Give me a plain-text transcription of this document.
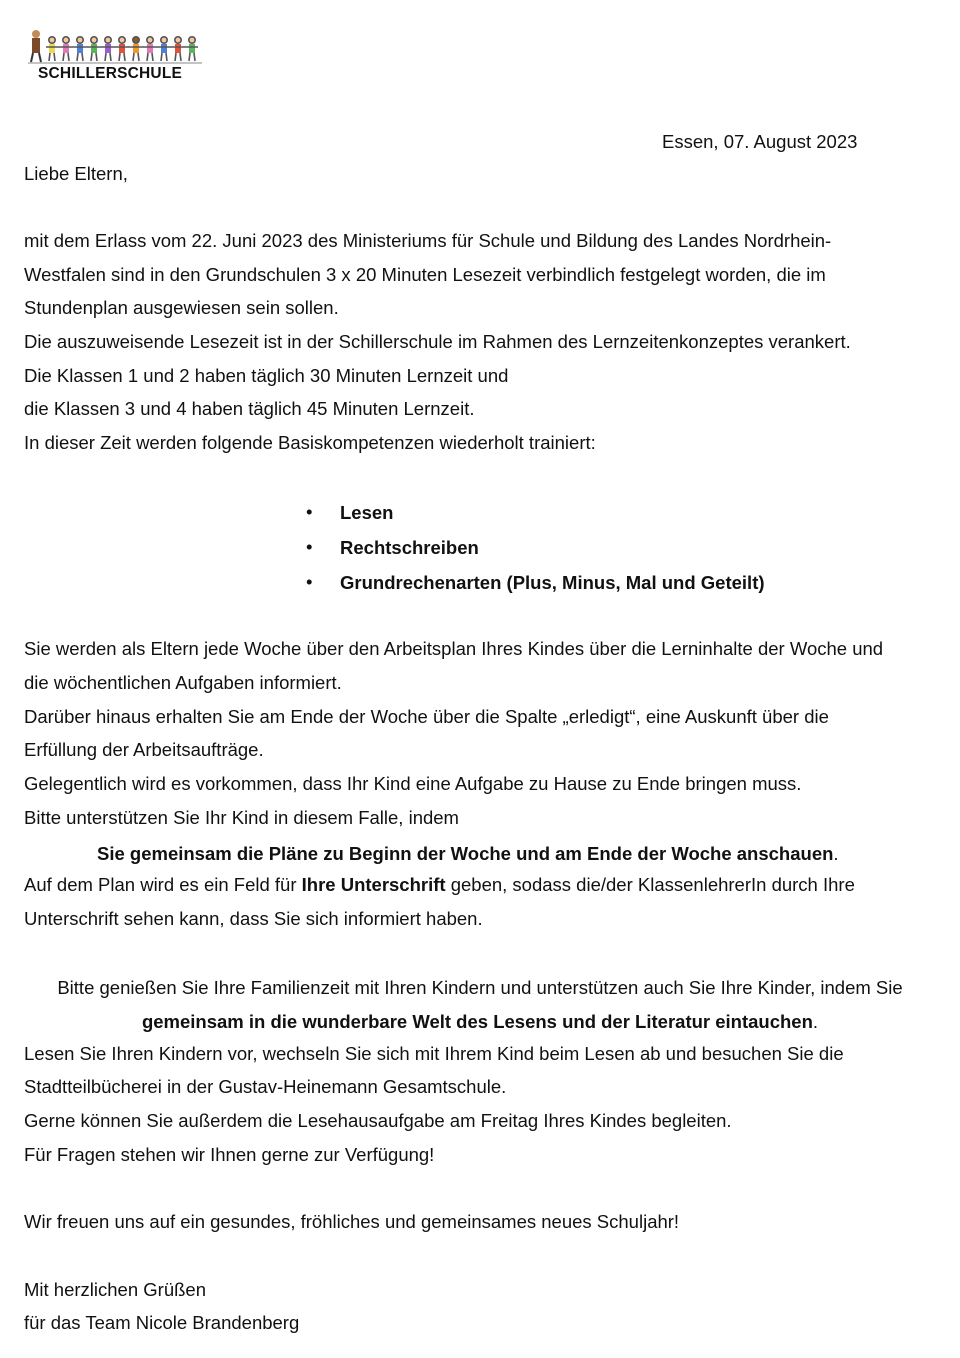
SCHILLERSCHULE
Essen, 07. August 2023
Liebe Eltern,
mit dem Erlass vom 22. Juni 2023 des Ministeriums für Schule und Bildung des Landes Nordrhein-
Westfalen sind in den Grundschulen 3 x 20 Minuten Lesezeit verbindlich festgelegt worden, die im
Stundenplan ausgewiesen sein sollen.
Die auszuweisende Lesezeit ist in der Schillerschule im Rahmen des Lernzeitenkonzeptes verankert.
Die Klassen 1 und 2 haben täglich 30 Minuten Lernzeit und
die Klassen 3 und 4 haben täglich 45 Minuten Lernzeit.
In dieser Zeit werden folgende Basiskompetenzen wiederholt trainiert:
• Lesen
• Rechtschreiben
• Grundrechenarten (Plus, Minus, Mal und Geteilt)
Sie werden als Eltern jede Woche über den Arbeitsplan Ihres Kindes über die Lerninhalte der Woche und
die wöchentlichen Aufgaben informiert.
Darüber hinaus erhalten Sie am Ende der Woche über die Spalte „erledigt“, eine Auskunft über die
Erfüllung der Arbeitsaufträge.
Gelegentlich wird es vorkommen, dass Ihr Kind eine Aufgabe zu Hause zu Ende bringen muss.
Bitte unterstützen Sie Ihr Kind in diesem Falle, indem
Sie gemeinsam die Pläne zu Beginn der Woche und am Ende der Woche anschauen.
Auf dem Plan wird es ein Feld für Ihre Unterschrift geben, sodass die/der KlassenlehrerIn durch Ihre
Unterschrift sehen kann, dass Sie sich informiert haben.
Bitte genießen Sie Ihre Familienzeit mit Ihren Kindern und unterstützen auch Sie Ihre Kinder, indem Sie
gemeinsam in die wunderbare Welt des Lesens und der Literatur eintauchen.
Lesen Sie Ihren Kindern vor, wechseln Sie sich mit Ihrem Kind beim Lesen ab und besuchen Sie die
Stadtteilbücherei in der Gustav-Heinemann Gesamtschule.
Gerne können Sie außerdem die Lesehausaufgabe am Freitag Ihres Kindes begleiten.
Für Fragen stehen wir Ihnen gerne zur Verfügung!
Wir freuen uns auf ein gesundes, fröhliches und gemeinsames neues Schuljahr!
Mit herzlichen Grüßen
für das Team Nicole Brandenberg
